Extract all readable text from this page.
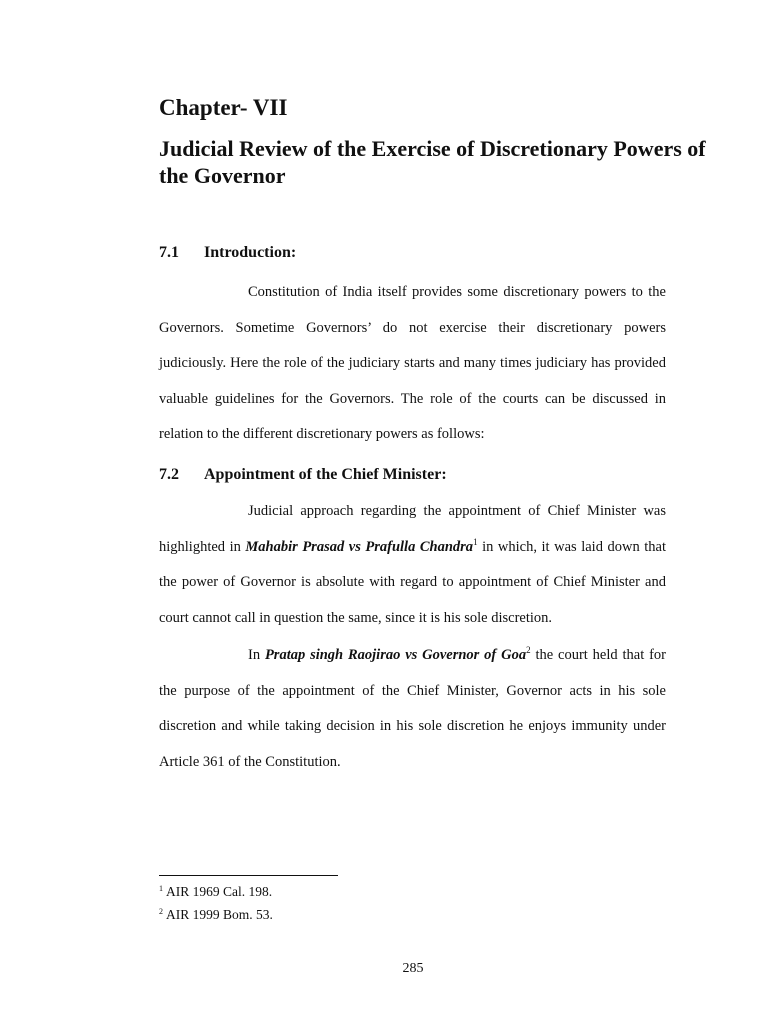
Chapter- VII
Judicial Review of the Exercise of Discretionary Powers of the Governor
7.1 Introduction:

Constitution of India itself provides some discretionary powers to the Governors. Sometime Governors’ do not exercise their discretionary powers judiciously. Here the role of the judiciary starts and many times judiciary has provided valuable guidelines for the Governors. The role of the courts can be discussed in relation to the different discretionary powers as follows:

7.2 Appointment of the Chief Minister:

Judicial approach regarding the appointment of Chief Minister was highlighted in Mahabir Prasad vs Prafulla Chandra$^1$ in which, it was laid down that the power of Governor is absolute with regard to appointment of Chief Minister and court cannot call in question the same, since it is his sole discretion.

In Pratap singh Raojirao vs Governor of Goa$^2$ the court held that for the purpose of the appointment of the Chief Minister, Governor acts in his sole discretion and while taking decision in his sole discretion he enjoys immunity under Article 361 of the Constitution.

$^1$ AIR 1969 Cal. 198.

$^2$ AIR 1999 Bom. 53.

285
